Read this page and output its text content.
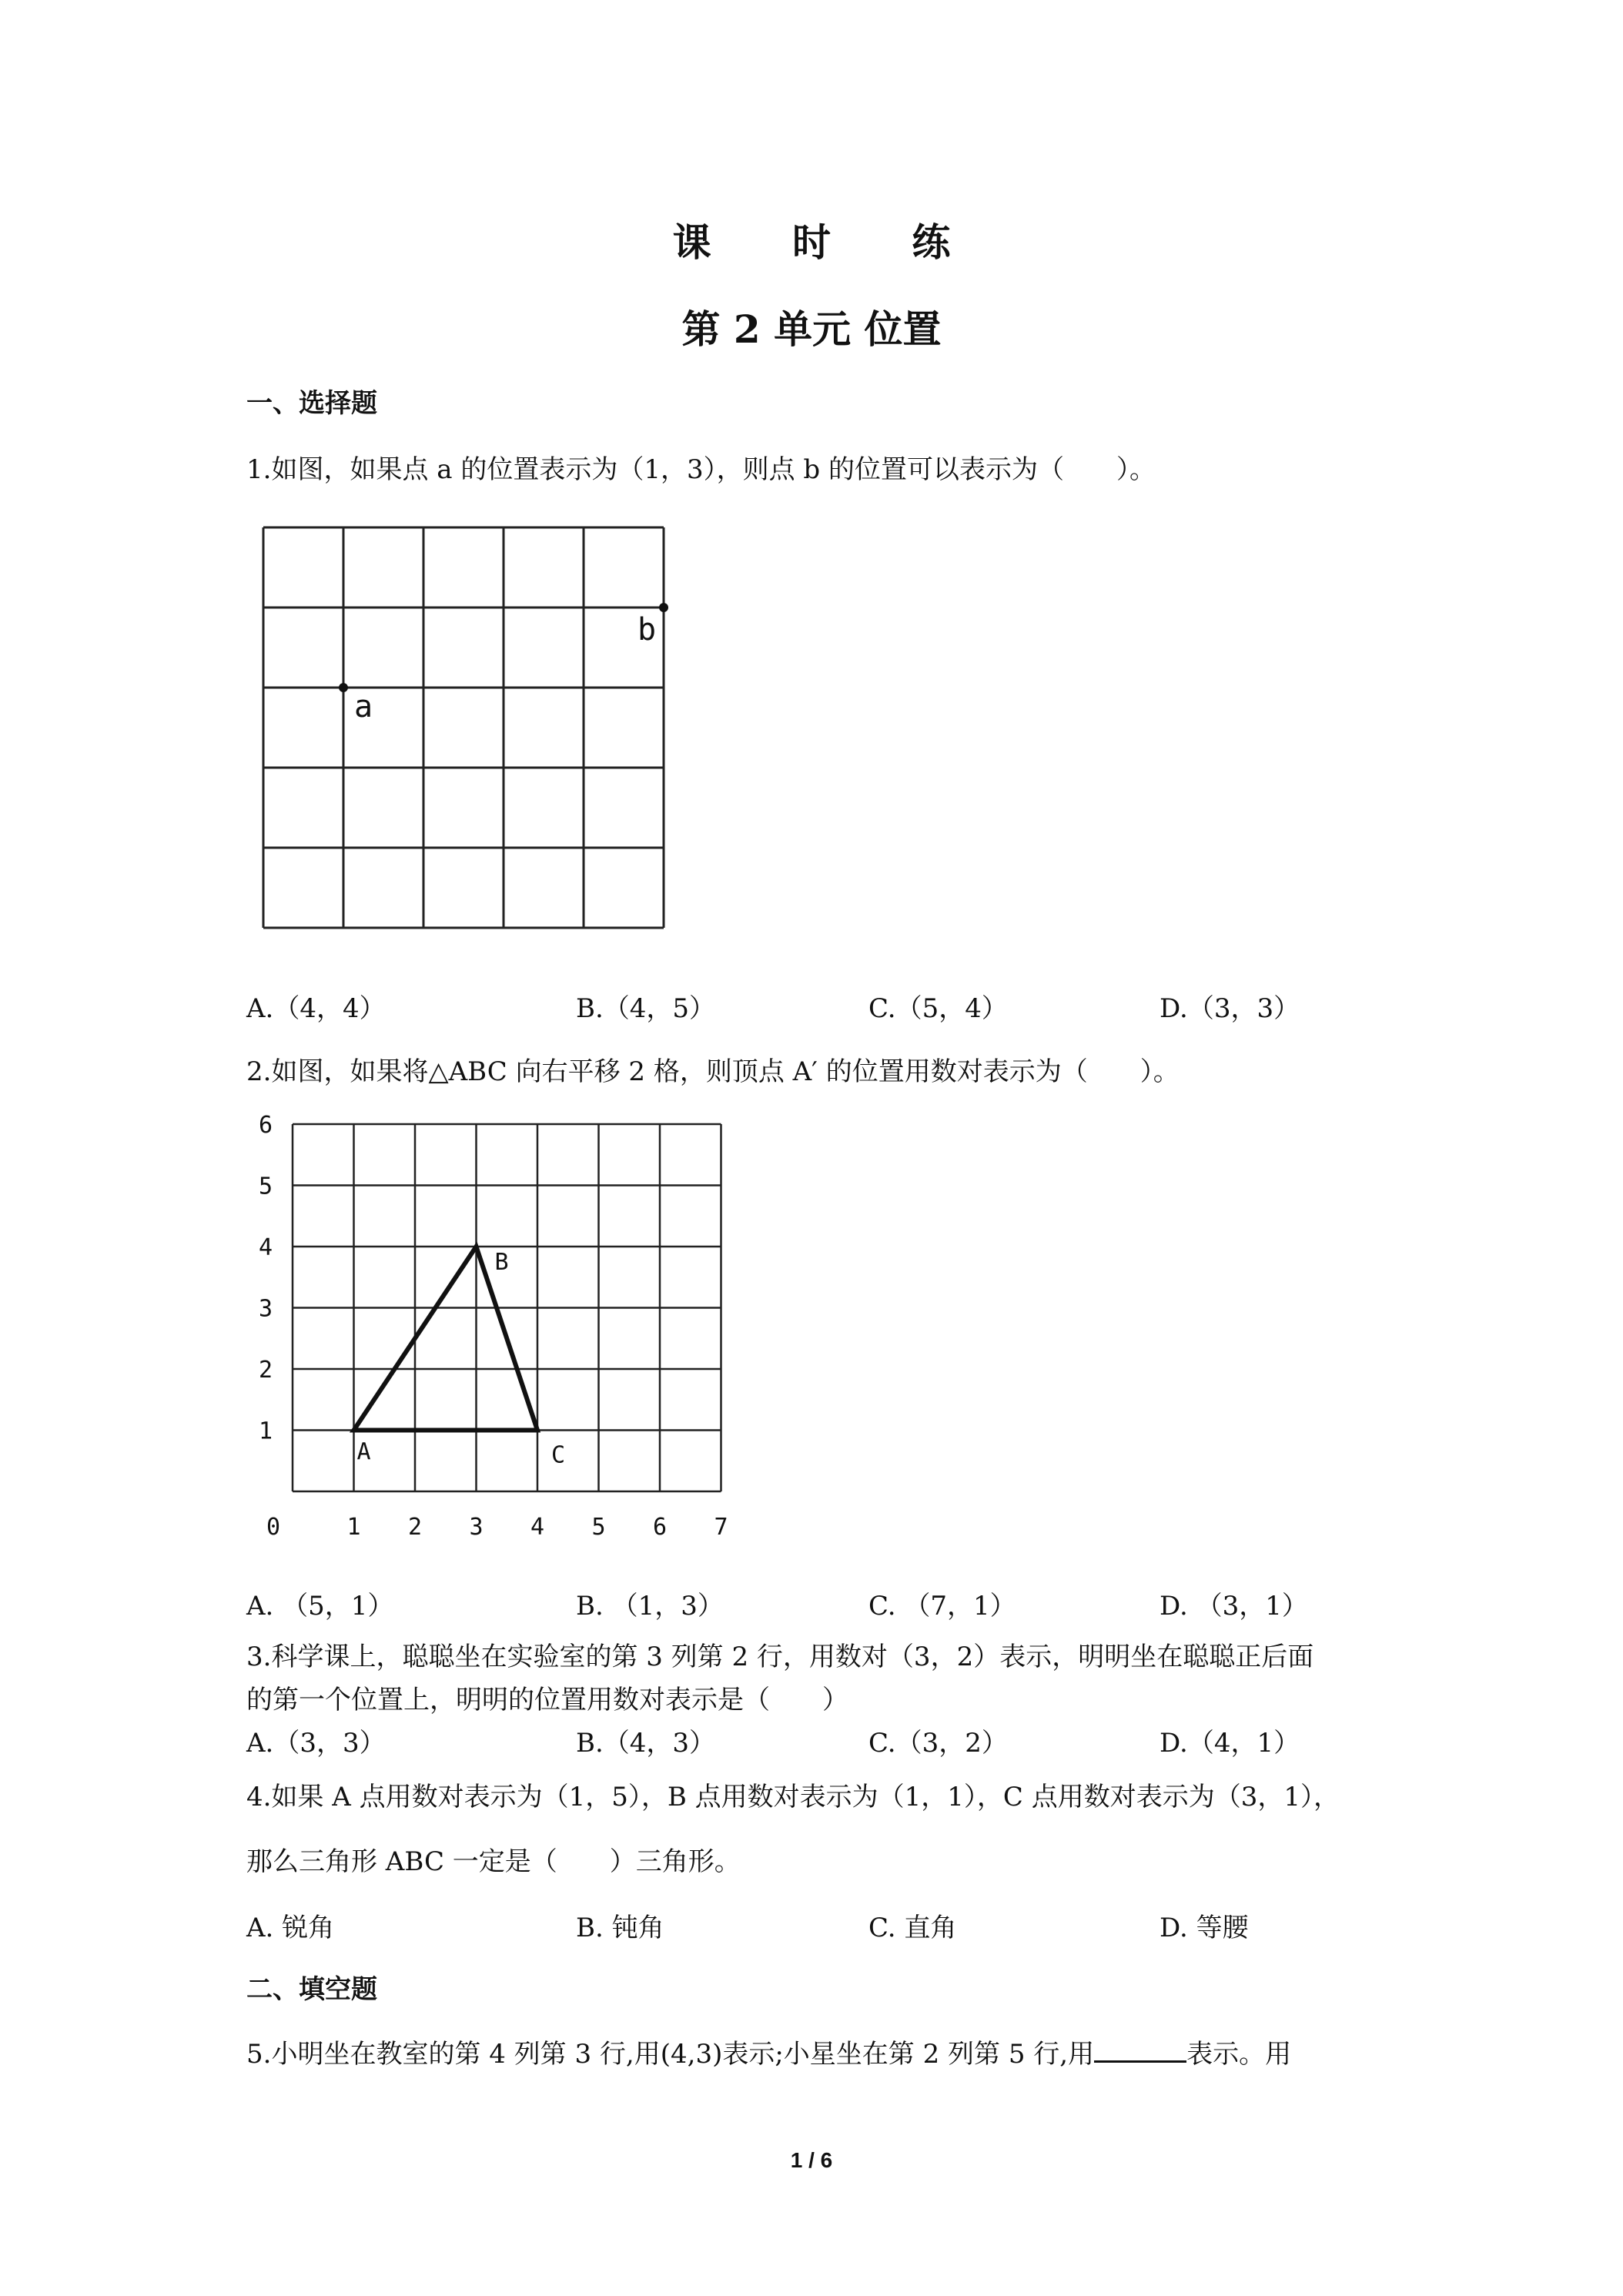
课 时 练
第 2 单元 位置
一、选择题
1.如图，如果点 a 的位置表示为（1，3），则点 b 的位置可以表示为（　　）。
a
b
A.（4，4）	B.（4，5）	C.（5，4）	D.（3，3）
2.如图，如果将△ABC 向右平移 2 格，则顶点 A′ 的位置用数对表示为（　　）。
1
2
3
4
5
6
0	1 2 3 4 5 6 7
A
B
C
A. （5，1）	B. （1，3）	C. （7，1）	D. （3，1）
3.科学课上，聪聪坐在实验室的第 3 列第 2 行，用数对（3，2）表示，明明坐在聪聪正后面
的第一个位置上，明明的位置用数对表示是（　　）
A.（3，3）	B.（4，3）	C.（3，2）	D.（4，1）
4.如果 A 点用数对表示为（1，5），B 点用数对表示为（1，1），C 点用数对表示为（3，1），
那么三角形 ABC 一定是（　　）三角形。
A. 锐角	B. 钝角	C. 直角	D. 等腰
二、填空题
5.小明坐在教室的第 4 列第 3 行,用(4,3)表示;小星坐在第 2 列第 5 行,用	表示。用
1 / 6
